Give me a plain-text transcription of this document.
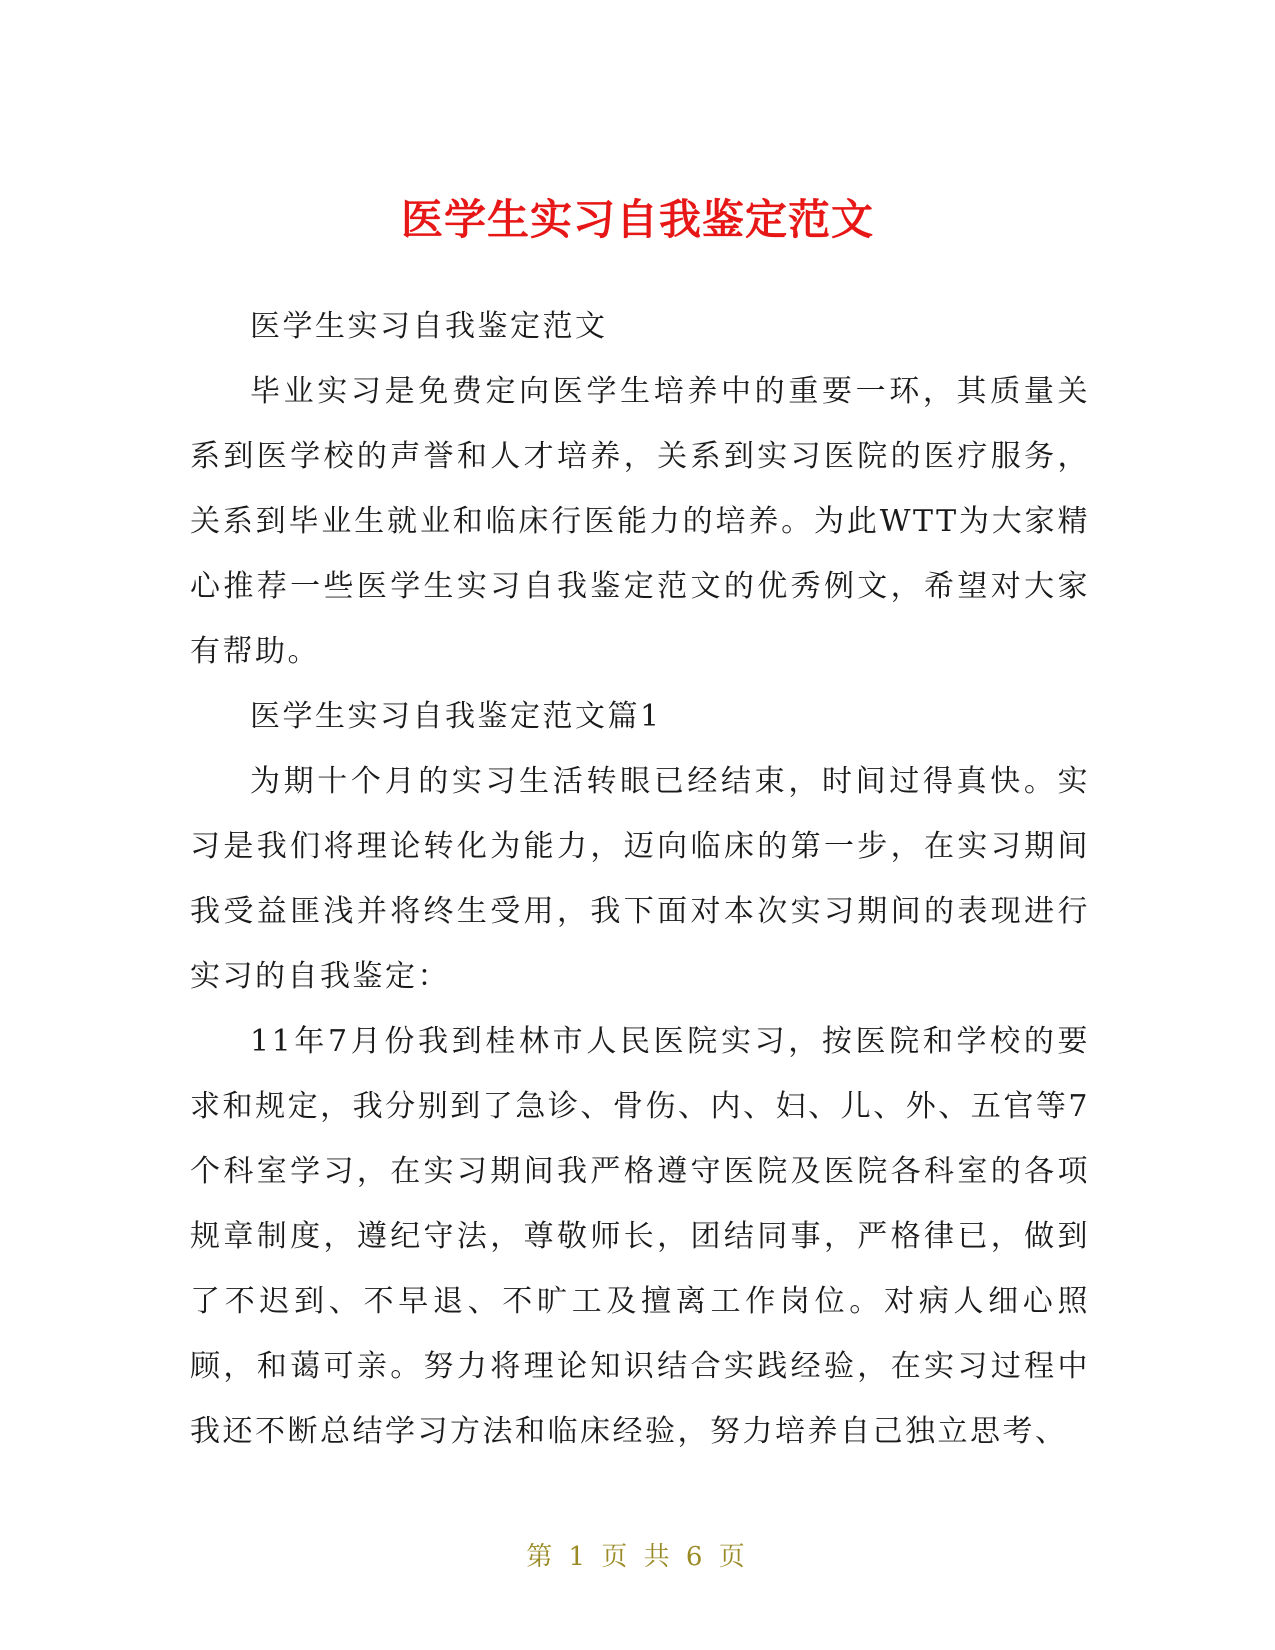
医学生实习自我鉴定范文

医学生实习自我鉴定范文

毕业实习是免费定向医学生培养中的重要一环，其质量关系到医学校的声誉和人才培养，关系到实习医院的医疗服务，关系到毕业生就业和临床行医能力的培养。为此WTT为大家精心推荐一些医学生实习自我鉴定范文的优秀例文，希望对大家有帮助。

医学生实习自我鉴定范文篇1

为期十个月的实习生活转眼已经结束，时间过得真快。实习是我们将理论转化为能力，迈向临床的第一步，在实习期间我受益匪浅并将终生受用，我下面对本次实习期间的表现进行实习的自我鉴定：

11年7月份我到桂林市人民医院实习，按医院和学校的要求和规定，我分别到了急诊、骨伤、内、妇、儿、外、五官等7个科室学习，在实习期间我严格遵守医院及医院各科室的各项规章制度，遵纪守法，尊敬师长，团结同事，严格律已，做到了不迟到、不早退、不旷工及擅离工作岗位。对病人细心照顾，和蔼可亲。努力将理论知识结合实践经验，在实习过程中我还不断总结学习方法和临床经验，努力培养自己独立思考、

第 1 页 共 6 页
